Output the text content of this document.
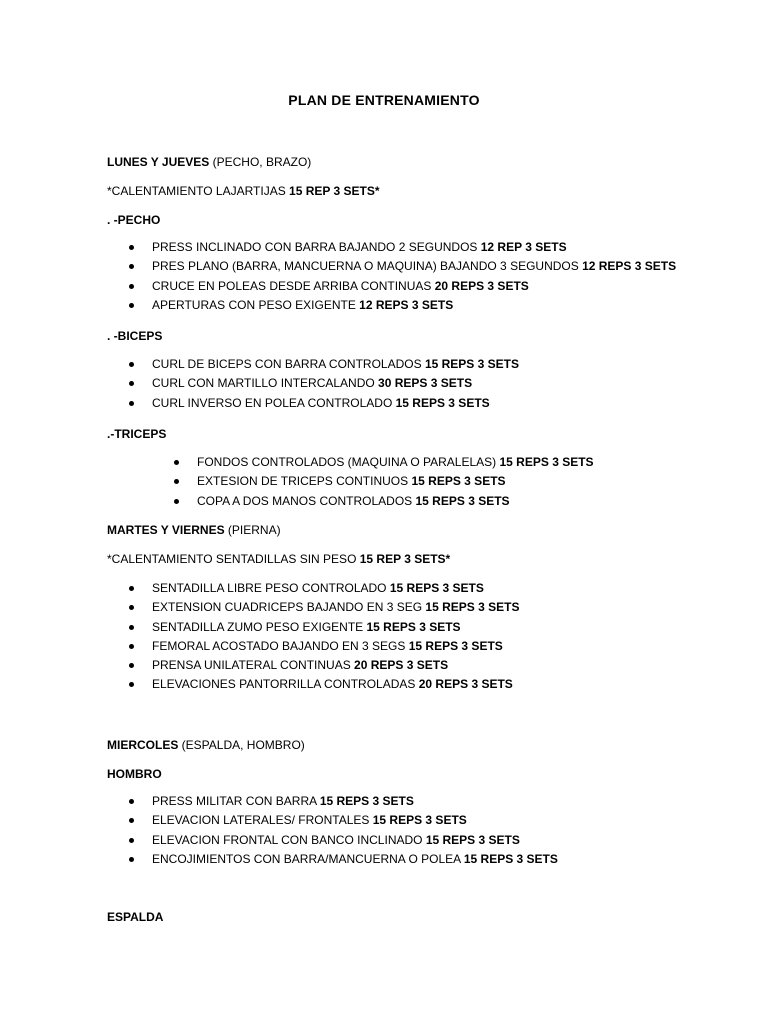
PLAN DE ENTRENAMIENTO
LUNES Y JUEVES (PECHO, BRAZO)
*CALENTAMIENTO LAJARTIJAS 15 REP 3 SETS*
. -PECHO
PRESS INCLINADO CON BARRA BAJANDO 2 SEGUNDOS 12 REP 3 SETS
PRES PLANO (BARRA, MANCUERNA O MAQUINA) BAJANDO 3 SEGUNDOS 12 REPS 3 SETS
CRUCE EN POLEAS DESDE ARRIBA CONTINUAS 20 REPS 3 SETS
APERTURAS CON PESO EXIGENTE 12 REPS 3 SETS
. -BICEPS
CURL DE BICEPS CON BARRA CONTROLADOS 15 REPS 3 SETS
CURL CON MARTILLO INTERCALANDO 30 REPS 3 SETS
CURL INVERSO EN POLEA CONTROLADO 15 REPS 3 SETS
.-TRICEPS
FONDOS CONTROLADOS (MAQUINA O PARALELAS) 15 REPS 3 SETS
EXTESION DE TRICEPS CONTINUOS 15 REPS 3 SETS
COPA A DOS MANOS CONTROLADOS 15 REPS 3 SETS
MARTES Y VIERNES (PIERNA)
*CALENTAMIENTO SENTADILLAS SIN PESO 15 REP 3 SETS*
SENTADILLA LIBRE PESO CONTROLADO 15 REPS 3 SETS
EXTENSION CUADRICEPS BAJANDO EN 3 SEG 15 REPS 3 SETS
SENTADILLA ZUMO PESO EXIGENTE 15 REPS 3 SETS
FEMORAL ACOSTADO BAJANDO EN 3 SEGS 15 REPS 3 SETS
PRENSA UNILATERAL CONTINUAS 20 REPS 3 SETS
ELEVACIONES PANTORRILLA CONTROLADAS 20 REPS 3 SETS
MIERCOLES (ESPALDA, HOMBRO)
HOMBRO
PRESS MILITAR CON BARRA 15 REPS 3 SETS
ELEVACION LATERALES/ FRONTALES 15 REPS 3 SETS
ELEVACION FRONTAL CON BANCO INCLINADO 15 REPS 3 SETS
ENCOJIMIENTOS CON BARRA/MANCUERNA O POLEA 15 REPS 3 SETS
ESPALDA
